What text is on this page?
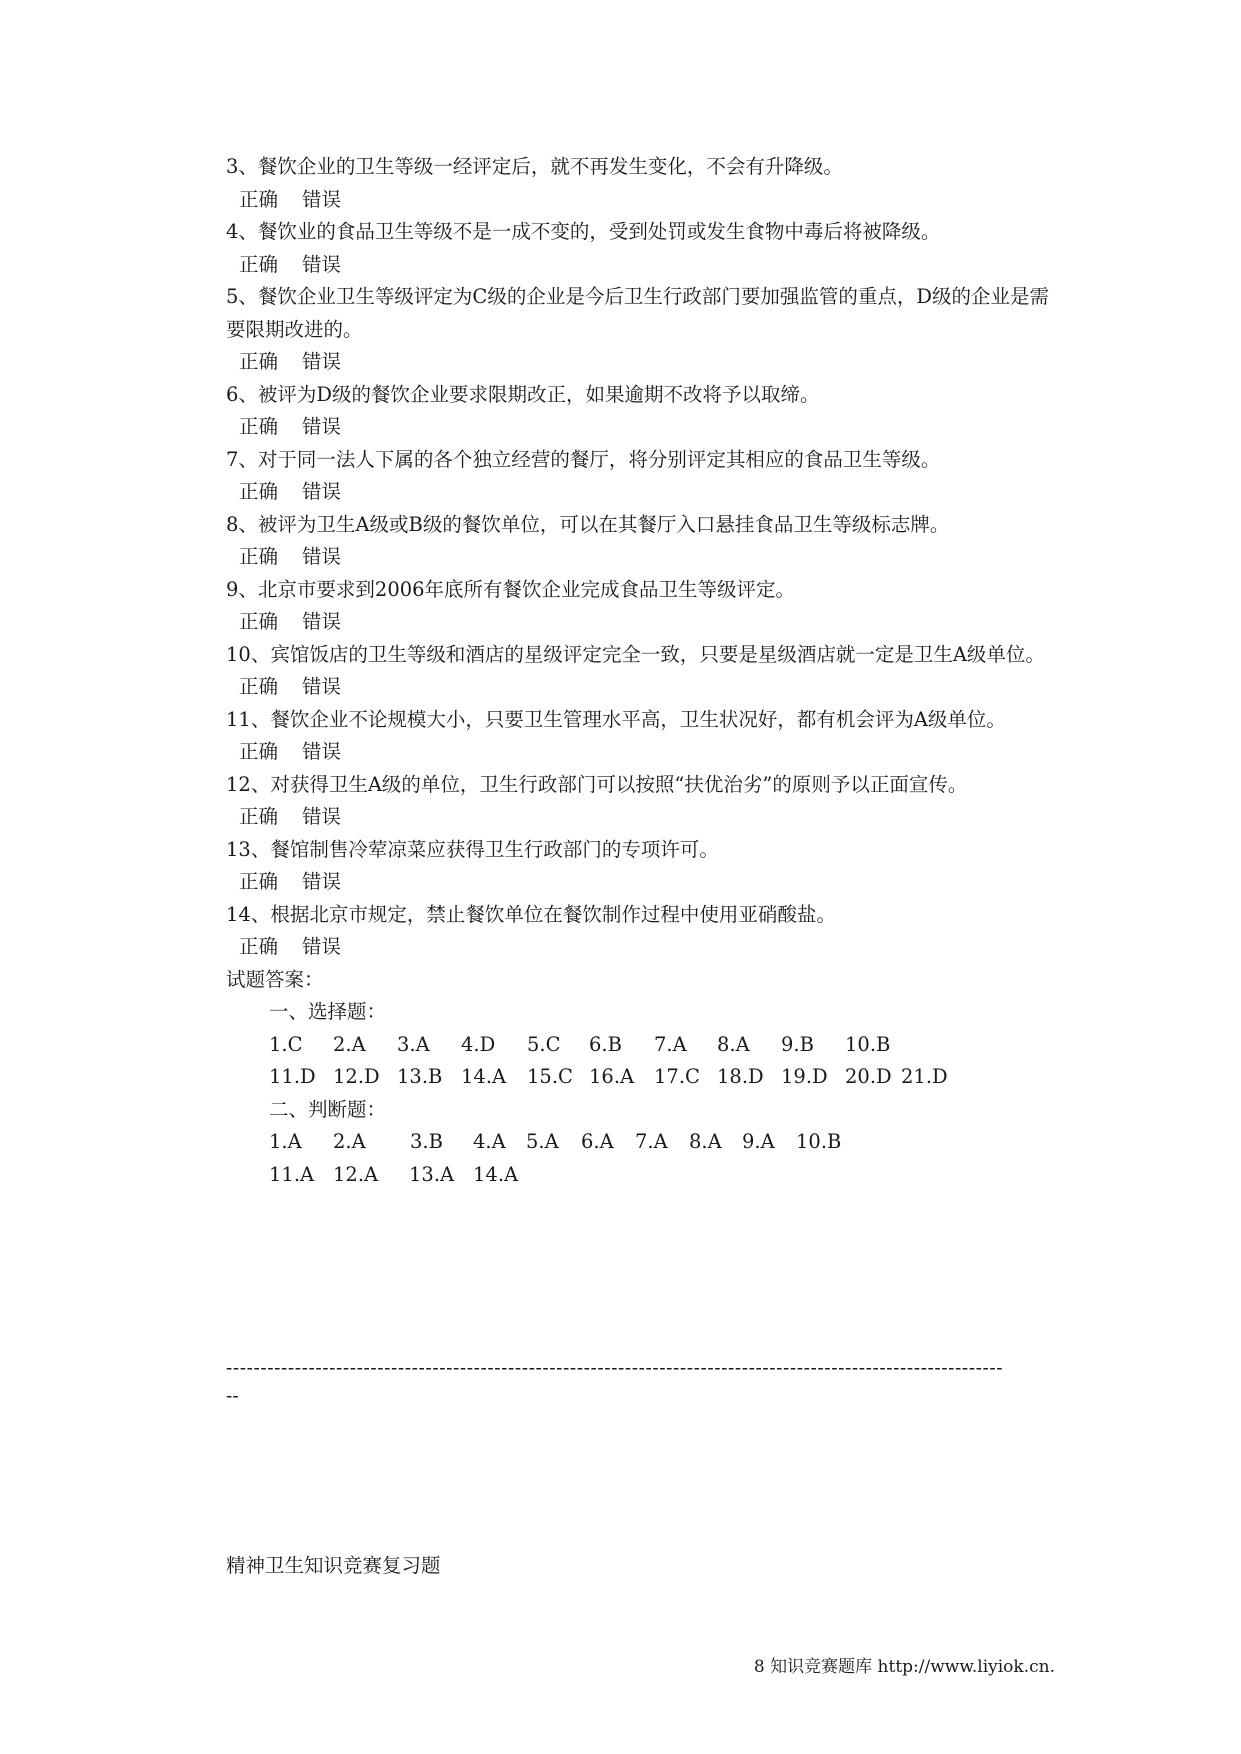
3、餐饮企业的卫生等级一经评定后，就不再发生变化，不会有升降级。

正确 错误

4、餐饮业的食品卫生等级不是一成不变的，受到处罚或发生食物中毒后将被降级。

正确 错误

5、餐饮企业卫生等级评定为C级的企业是今后卫生行政部门要加强监管的重点，D级的企业是需要限期改进的。

正确 错误

6、被评为D级的餐饮企业要求限期改正，如果逾期不改将予以取缔。

正确 错误

7、对于同一法人下属的各个独立经营的餐厅，将分别评定其相应的食品卫生等级。

正确 错误

8、被评为卫生A级或B级的餐饮单位，可以在其餐厅入口悬挂食品卫生等级标志牌。

正确 错误

9、北京市要求到2006年底所有餐饮企业完成食品卫生等级评定。

正确 错误

10、宾馆饭店的卫生等级和酒店的星级评定完全一致，只要是星级酒店就一定是卫生A级单位。

正确 错误

11、餐饮企业不论规模大小，只要卫生管理水平高，卫生状况好，都有机会评为A级单位。

正确 错误

12、对获得卫生A级的单位，卫生行政部门可以按照“扶优治劣”的原则予以正面宣传。

正确 错误

13、餐馆制售冷荤凉菜应获得卫生行政部门的专项许可。

正确 错误

14、根据北京市规定，禁止餐饮单位在餐饮制作过程中使用亚硝酸盐。

正确 错误

试题答案：

一、选择题：

1.C 2.A 3.A 4.D 5.C 6.B 7.A 8.A 9.B 10.B

11.D 12.D 13.B 14.A 15.C 16.A 17.C 18.D 19.D 20.D 21.D

二、判断题：

1.A 2.A 3.B 4.A 5.A 6.A 7.A 8.A 9.A 10.B

11.A 12.A 13.A 14.A

-----------------------------------------------------------------------------------------------------------------
--
精神卫生知识竞赛复习题
8 知识竞赛题库 http://www.liyiok.cn.
